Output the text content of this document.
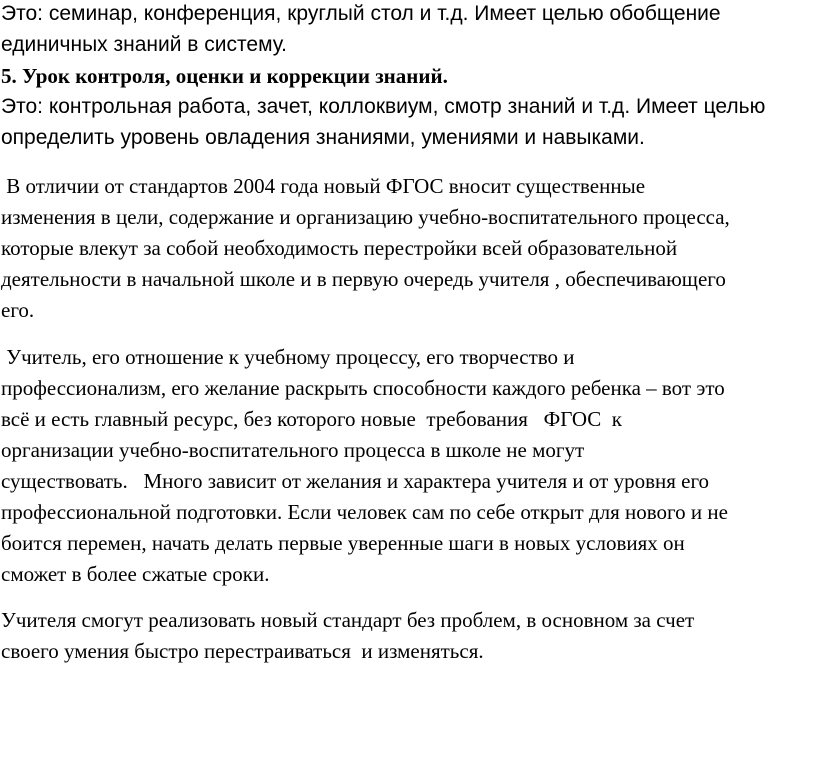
Это: семинар, конференция, круглый стол и т.д. Имеет целью обобщение
единичных знаний в систему.
5. Урок контроля, оценки и коррекции знаний.
Это: контрольная работа, зачет, коллоквиум, смотр знаний и т.д. Имеет целью
определить уровень овладения знаниями, умениями и навыками.
В отличии от стандартов 2004 года новый ФГОС вносит существенные
изменения в цели, содержание и организацию учебно-воспитательного процесса,
которые влекут за собой необходимость перестройки всей образовательной
деятельности в начальной школе и в первую очередь учителя , обеспечивающего
его.
Учитель, его отношение к учебному процессу, его творчество и
профессионализм, его желание раскрыть способности каждого ребенка – вот это
всё и есть главный ресурс, без которого новые  требования   ФГОС  к
организации учебно-воспитательного процесса в школе не могут
существовать.   Много зависит от желания и характера учителя и от уровня его
профессиональной подготовки. Если человек сам по себе открыт для нового и не
боится перемен, начать делать первые уверенные шаги в новых условиях он
сможет в более сжатые сроки.
Учителя смогут реализовать новый стандарт без проблем, в основном за счет
своего умения быстро перестраиваться  и изменяться.
